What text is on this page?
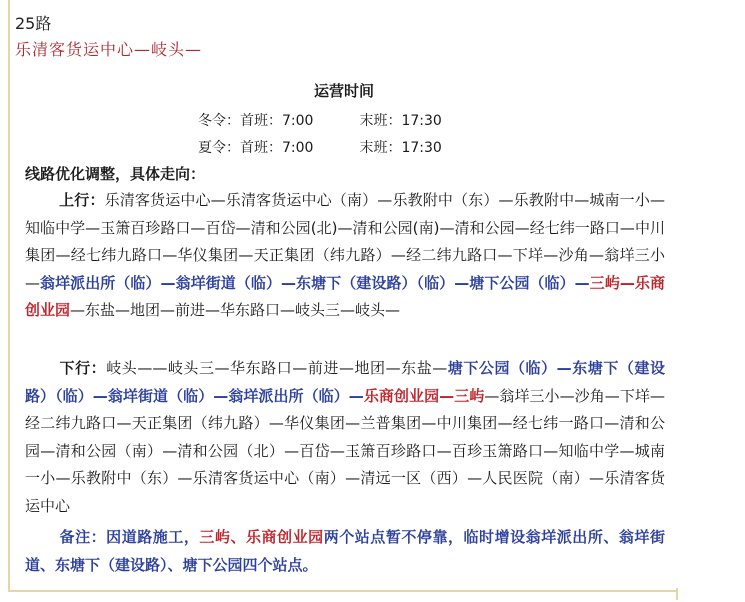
25路
乐清客货运中心—岐头—
运营时间
冬令：首班：7:00	末班：17:30
夏令：首班：7:00	末班：17:30
线路优化调整，具体走向：
上行：乐清客货运中心—乐清客货运中心（南）—乐教附中（东）—乐教附中—城南一小—知临中学—玉箫百珍路口—百岱—清和公园(北)—清和公园(南)—清和公园—经七纬一路口—中川集团—经七纬九路口—华仪集团—天正集团（纬九路）—经二纬九路口—下垟—沙角—翁垟三小—翁垟派出所（临）—翁垟街道（临）—东塘下（建设路）（临）—塘下公园（临）—三屿—乐商创业园—东盐—地团—前进—华东路口—岐头三—岐头—
下行：岐头——岐头三—华东路口—前进—地团—东盐—塘下公园（临）—东塘下（建设路）（临）—翁垟街道（临）—翁垟派出所（临）—乐商创业园—三屿—翁垟三小—沙角—下垟—经二纬九路口—天正集团（纬九路）—华仪集团—兰普集团—中川集团—经七纬一路口—清和公园—清和公园（南）—清和公园（北）—百岱—玉箫百珍路口—百珍玉箫路口—知临中学—城南一小—乐教附中（东）—乐清客货运中心（南）—清远一区（西）—人民医院（南）—乐清客货运中心
备注：因道路施工，三屿、乐商创业园两个站点暂不停靠，临时增设翁垟派出所、翁垟街道、东塘下（建设路）、塘下公园四个站点。
